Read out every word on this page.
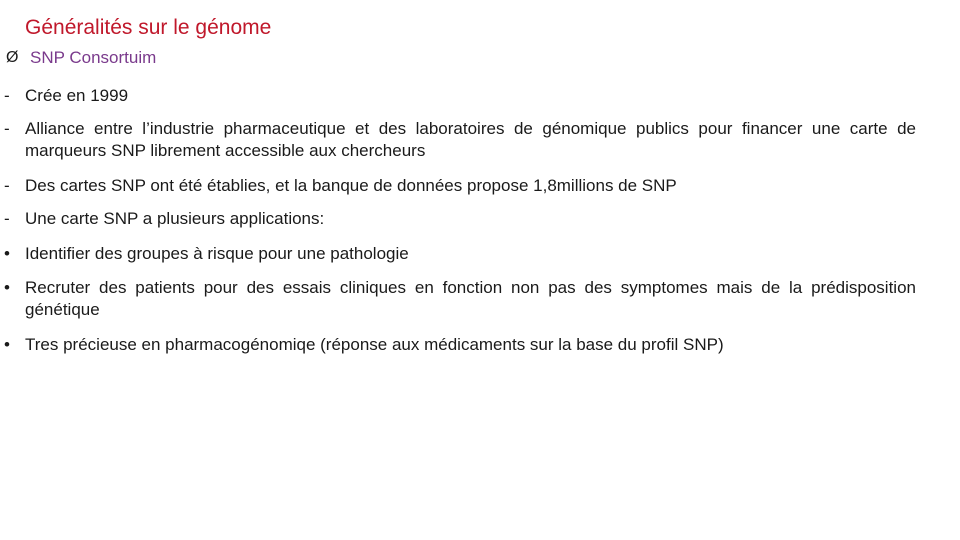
Généralités sur le génome
Ø SNP Consortuim
- Crée en 1999
- Alliance entre l’industrie pharmaceutique et des laboratoires de génomique publics pour financer une carte de marqueurs SNP librement accessible aux chercheurs
- Des cartes SNP ont été établies, et la banque de données propose 1,8millions de SNP
- Une carte SNP a plusieurs applications:
• Identifier des groupes à risque pour une pathologie
• Recruter des patients pour des essais cliniques en fonction non pas des symptomes mais de la prédisposition génétique
• Tres précieuse en pharmacogénomiqe (réponse aux médicaments sur la base du profil SNP)
